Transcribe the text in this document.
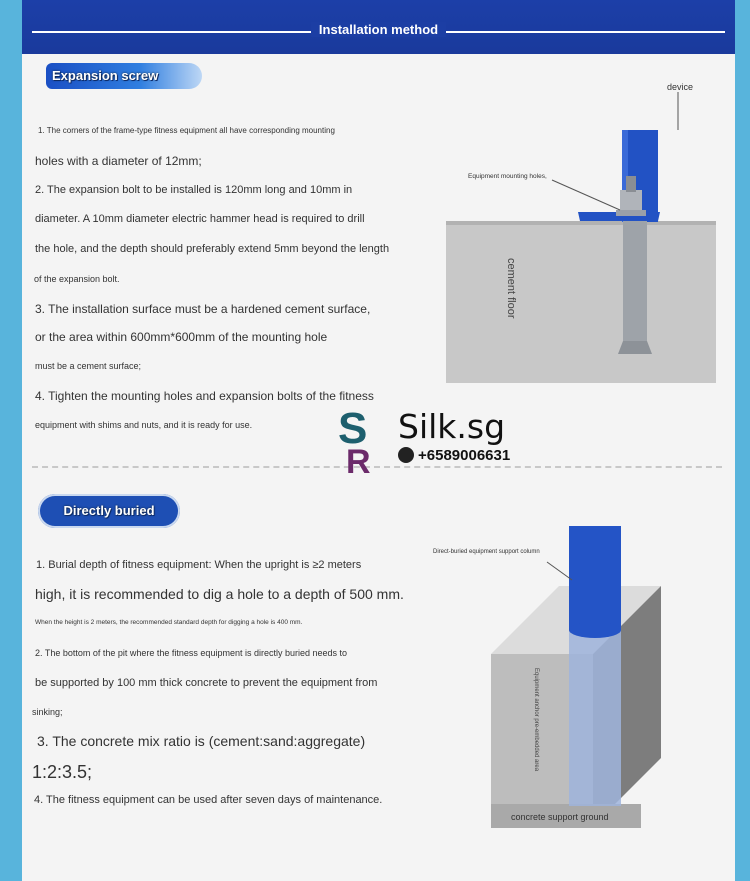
Installation method
Expansion screw
1. The corners of the frame-type fitness equipment all have corresponding mounting
holes with a diameter of 12mm;
2. The expansion bolt to be installed is 120mm long and 10mm in
diameter. A 10mm diameter electric hammer head is required to drill
the hole, and the depth should preferably extend 5mm beyond the length
of the expansion bolt.
3. The installation surface must be a hardened cement surface,
or the area within 600mm*600mm of the mounting hole
must be a cement surface;
4. Tighten the mounting holes and expansion bolts of the fitness
equipment with shims and nuts, and it is ready for use.
device
Equipment mounting holes,
cement floor
S
R
Silk.sg
+6589006631
Directly buried
1. Burial depth of fitness equipment: When the upright is ≥2 meters
high, it is recommended to dig a hole to a depth of 500 mm.
When the height is 2 meters, the recommended standard depth for digging a hole is 400 mm.
2. The bottom of the pit where the fitness equipment is directly buried needs to
be supported by 100 mm thick concrete to prevent the equipment from
sinking;
3. The concrete mix ratio is (cement:sand:aggregate)
1:2:3.5;
4. The fitness equipment can be used after seven days of maintenance.
Direct-buried equipment support column
Equipment anchor pre-embedded area
concrete support ground
